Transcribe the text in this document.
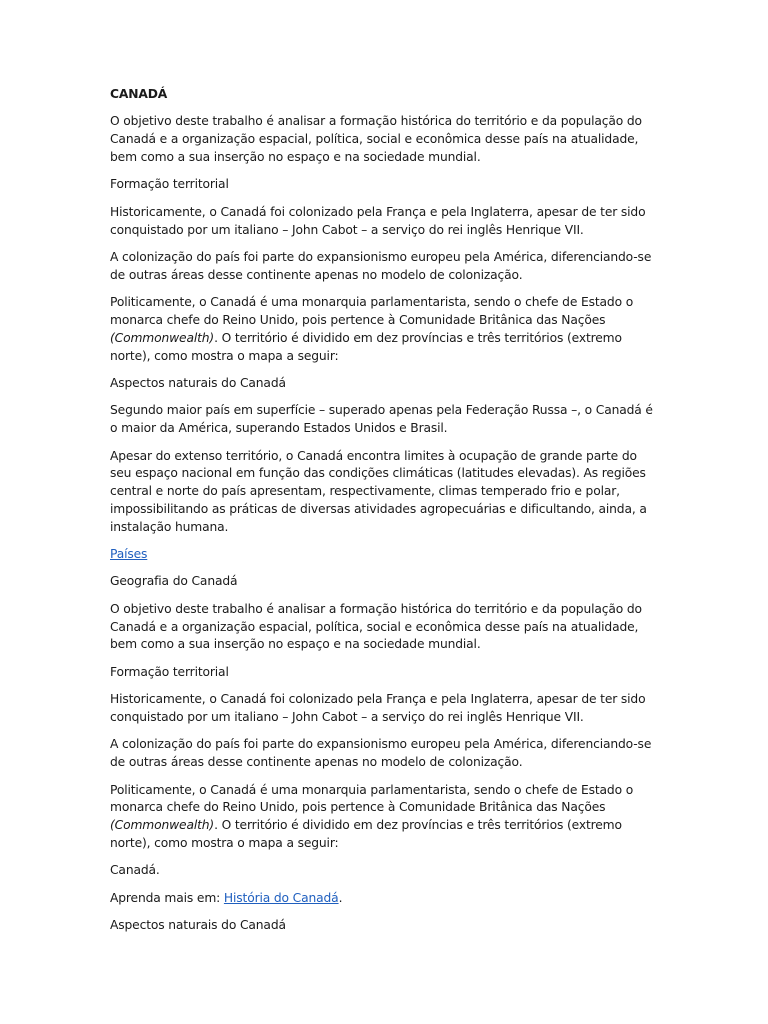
CANADÁ

O objetivo deste trabalho é analisar a formação histórica do território e da população do Canadá e a organização espacial, política, social e econômica desse país na atualidade, bem como a sua inserção no espaço e na sociedade mundial.

Formação territorial

Historicamente, o Canadá foi colonizado pela França e pela Inglaterra, apesar de ter sido conquistado por um italiano – John Cabot – a serviço do rei inglês Henrique VII.

A colonização do país foi parte do expansionismo europeu pela América, diferenciando-se de outras áreas desse continente apenas no modelo de colonização.

Politicamente, o Canadá é uma monarquia parlamentarista, sendo o chefe de Estado o monarca chefe do Reino Unido, pois pertence à Comunidade Britânica das Nações (Commonwealth). O território é dividido em dez províncias e três territórios (extremo norte), como mostra o mapa a seguir:

Aspectos naturais do Canadá

Segundo maior país em superfície – superado apenas pela Federação Russa –, o Canadá é o maior da América, superando Estados Unidos e Brasil.

Apesar do extenso território, o Canadá encontra limites à ocupação de grande parte do seu espaço nacional em função das condições climáticas (latitudes elevadas). As regiões central e norte do país apresentam, respectivamente, climas temperado frio e polar, impossibilitando as práticas de diversas atividades agropecuárias e dificultando, ainda, a instalação humana.

Países

Geografia do Canadá

O objetivo deste trabalho é analisar a formação histórica do território e da população do Canadá e a organização espacial, política, social e econômica desse país na atualidade, bem como a sua inserção no espaço e na sociedade mundial.

Formação territorial

Historicamente, o Canadá foi colonizado pela França e pela Inglaterra, apesar de ter sido conquistado por um italiano – John Cabot – a serviço do rei inglês Henrique VII.

A colonização do país foi parte do expansionismo europeu pela América, diferenciando-se de outras áreas desse continente apenas no modelo de colonização.

Politicamente, o Canadá é uma monarquia parlamentarista, sendo o chefe de Estado o monarca chefe do Reino Unido, pois pertence à Comunidade Britânica das Nações (Commonwealth). O território é dividido em dez províncias e três territórios (extremo norte), como mostra o mapa a seguir:

Canadá.

Aprenda mais em: História do Canadá.

Aspectos naturais do Canadá
